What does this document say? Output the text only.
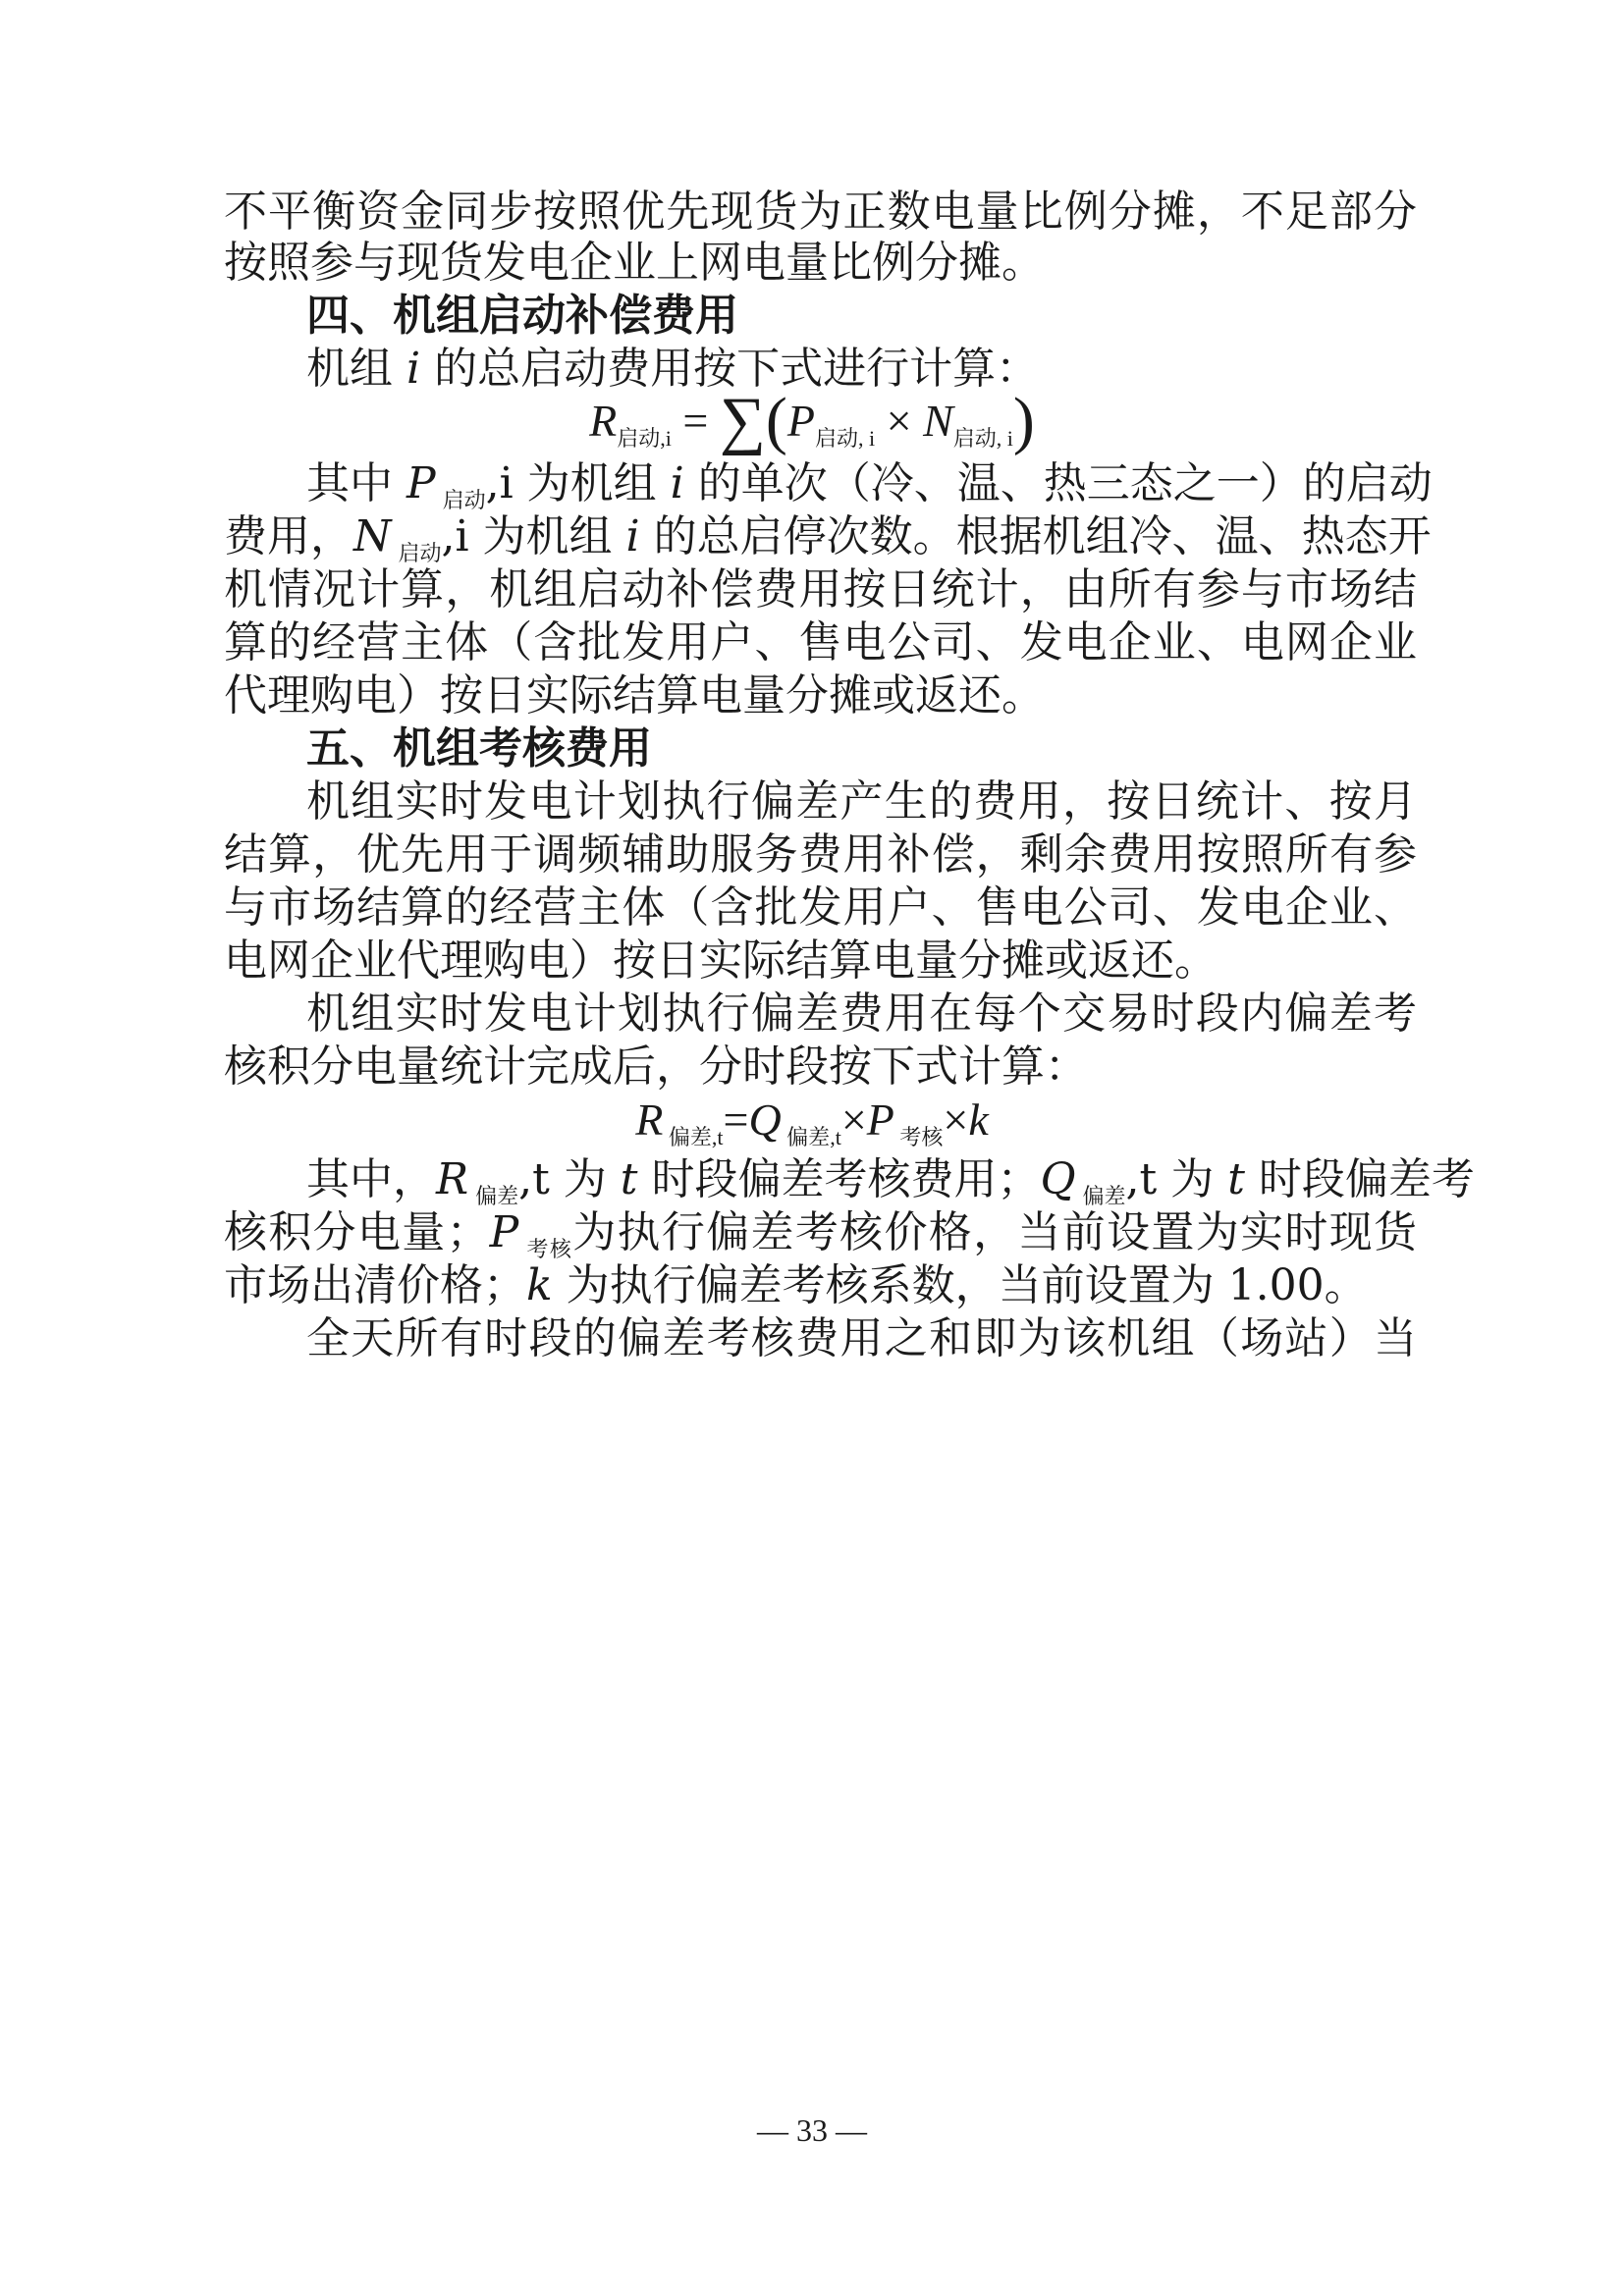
不平衡资金同步按照优先现货为正数电量比例分摊，不足部分
按照参与现货发电企业上网电量比例分摊。
四、机组启动补偿费用
机组 i 的总启动费用按下式进行计算：
$R_{启动,i} = \sum(P_{启动, i} \times N_{启动, i})$
其中 P $_{启动}$,i 为机组 i 的单次（冷、温、热三态之一）的启动
费用，N $_{启动}$,i 为机组 i 的总启停次数。根据机组冷、温、热态开
机情况计算，机组启动补偿费用按日统计，由所有参与市场结
算的经营主体（含批发用户、售电公司、发电企业、电网企业
代理购电）按日实际结算电量分摊或返还。
五、机组考核费用
机组实时发电计划执行偏差产生的费用，按日统计、按月
结算，优先用于调频辅助服务费用补偿，剩余费用按照所有参
与市场结算的经营主体（含批发用户、售电公司、发电企业、
电网企业代理购电）按日实际结算电量分摊或返还。
机组实时发电计划执行偏差费用在每个交易时段内偏差考
核积分电量统计完成后，分时段按下式计算：
R $_{偏差,t}$=Q $_{偏差,t}$×P $_{考核}$×k
其中，R $_{偏差}$,t 为 t 时段偏差考核费用；Q $_{偏差}$,t 为 t 时段偏差考
核积分电量；P $_{考核}$为执行偏差考核价格，当前设置为实时现货
市场出清价格；k 为执行偏差考核系数，当前设置为 1.00。
全天所有时段的偏差考核费用之和即为该机组（场站）当
— 33 —
